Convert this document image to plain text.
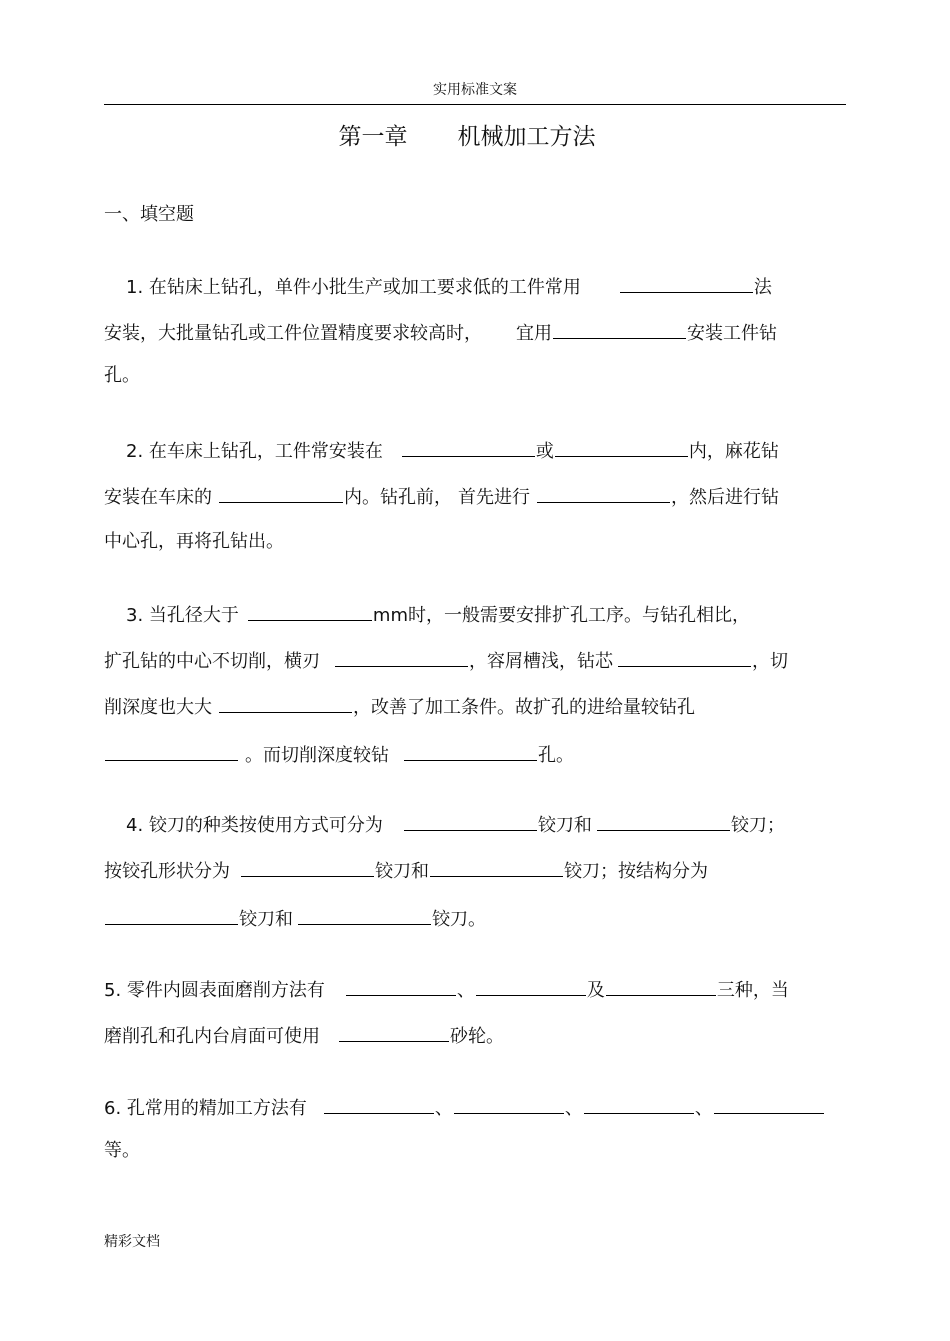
实用标准文案
第一章 机械加工方法
一、填空题
1. 在钻床上钻孔，单件小批生产或加工要求低的工件常用	法
安装，大批量钻孔或工件位置精度要求较高时， 宜用	安装工件钻
孔。
2. 在车床上钻孔，工件常安装在	或	内，麻花钻
安装在车床的	内。钻孔前， 首先进行	，然后进行钻
中心孔，再将孔钻出。
3. 当孔径大于	mm时，一般需要安排扩孔工序。与钻孔相比，
扩孔钻的中心不切削，横刃	，容屑槽浅，钻芯	，切
削深度也大大	，改善了加工条件。故扩孔的进给量较钻孔
。而切削深度较钻	孔。
4. 铰刀的种类按使用方式可分为	铰刀和	铰刀；
按铰孔形状分为	铰刀和	铰刀；按结构分为
铰刀和	铰刀。
5. 零件内圆表面磨削方法有	、	及	三种，当
磨削孔和孔内台肩面可使用	砂轮。
6. 孔常用的精加工方法有	、	、	、
等。
精彩文档
